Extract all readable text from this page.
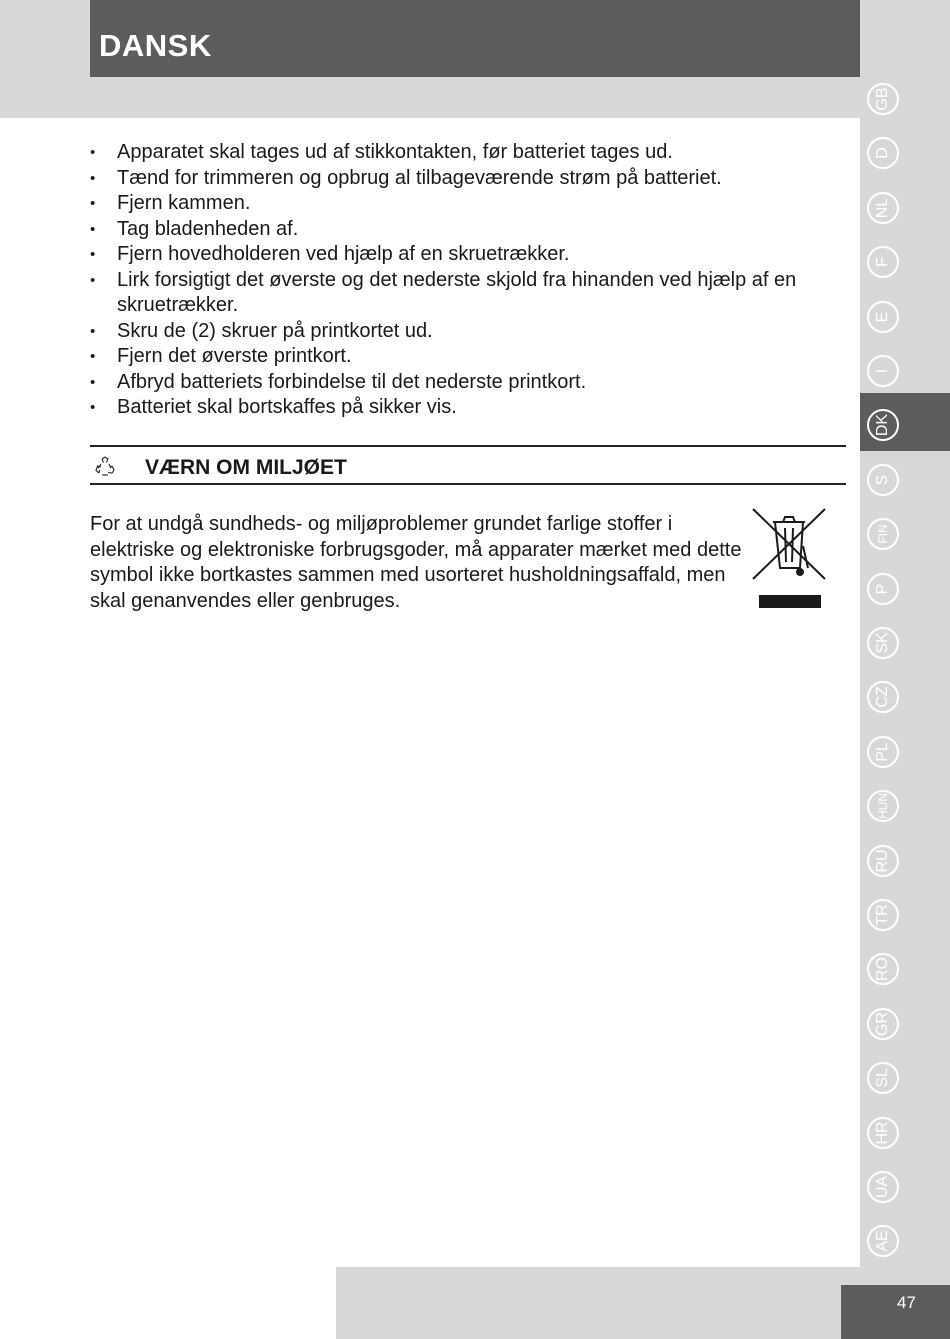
DANSK
GB
D
NL
F
E
I
DK
S
FIN
P
SK
CZ
PL
HUN
RU
TR
RO
GR
SL
HR
UA
AE
• Apparatet skal tages ud af stikkontakten, før batteriet tages ud.
• Tænd for trimmeren og opbrug al tilbageværende strøm på batteriet.
• Fjern kammen.
• Tag bladenheden af.
• Fjern hovedholderen ved hjælp af en skruetrækker.
• Lirk forsigtigt det øverste og det nederste skjold fra hinanden ved hjælp af en skruetrækker.
• Skru de (2) skruer på printkortet ud.
• Fjern det øverste printkort.
• Afbryd batteriets forbindelse til det nederste printkort.
• Batteriet skal bortskaffes på sikker vis.
VÆRN OM MILJØET
For at undgå sundheds- og miljøproblemer grundet farlige stoffer i elektriske og elektroniske forbrugsgoder, må apparater mærket med dette symbol ikke bortkastes sammen med usorteret husholdningsaffald, men skal genanvendes eller genbruges.
47
